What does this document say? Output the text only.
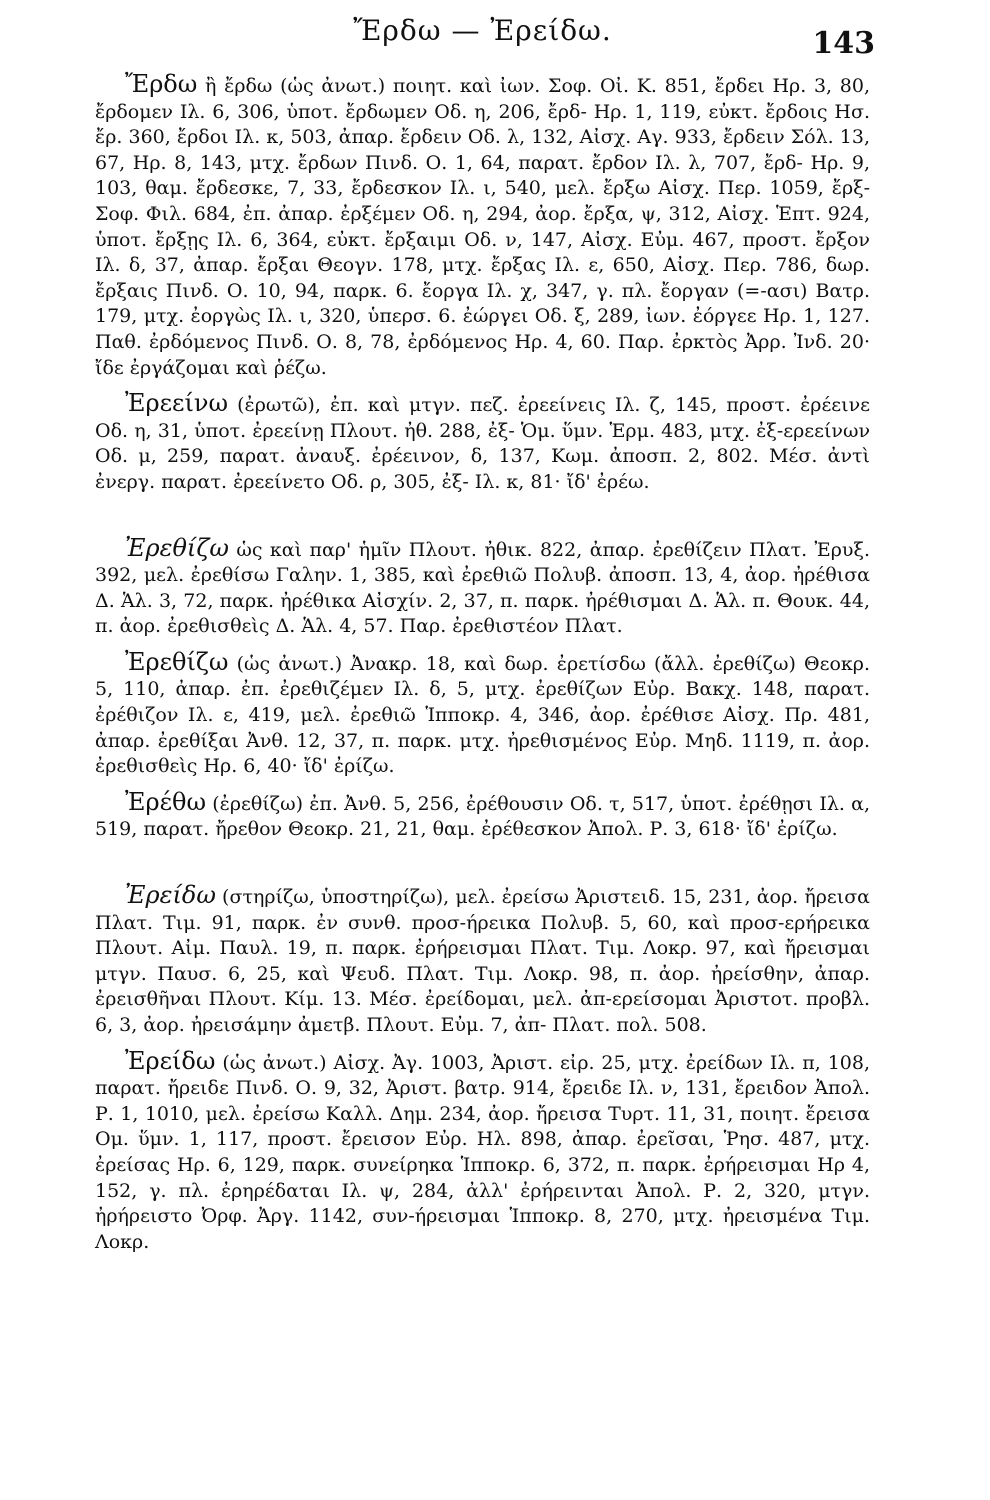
Ἔρδω — Ἐρείδω.	143

Ἔρδω ἢ ἔρδω (ὡς ἀνωτ.) ποιητ. καὶ ἰων. Σοφ. Οἰ. Κ. 851, ἔρδει Ηρ. 3, 80, ἔρδομεν Ιλ. 6, 306, ὑποτ. ἔρδωμεν Οδ. η, 206, ἔρδ- Ηρ. 1, 119, εὐκτ. ἔρδοις Ησ. ἔρ. 360, ἔρδοι Ιλ. κ, 503, ἀπαρ. ἔρδειν Οδ. λ, 132, Αἰσχ. Αγ. 933, ἔρδειν Σόλ. 13, 67, Ηρ. 8, 143, μτχ. ἔρδων Πινδ. Ο. 1, 64, παρατ. ἔρδον Ιλ. λ, 707, ἔρδ- Ηρ. 9, 103, θαμ. ἔρδεσκε, 7, 33, ἔρδεσκον Ιλ. ι, 540, μελ. ἔρξω Αἰσχ. Περ. 1059, ἔρξ- Σοφ. Φιλ. 684, ἐπ. ἀπαρ. ἐρξέμεν Οδ. η, 294, ἀορ. ἔρξα, ψ, 312, Αἰσχ. Ἑπτ. 924, ὑποτ. ἔρξῃς Ιλ. 6, 364, εὐκτ. ἔρξαιμι Οδ. ν, 147, Αἰσχ. Εὐμ. 467, προστ. ἔρξον Ιλ. δ, 37, ἀπαρ. ἔρξαι Θεογν. 178, μτχ. ἔρξας Ιλ. ε, 650, Αἰσχ. Περ. 786, δωρ. ἔρξαις Πινδ. Ο. 10, 94, παρκ. 6. ἔοργα Ιλ. χ, 347, γ. πλ. ἔοργαν (=-ασι) Βατρ. 179, μτχ. ἐοργὼς Ιλ. ι, 320, ὑπερσ. 6. ἐώργει Οδ. ξ, 289, ἰων. ἐόργεε Ηρ. 1, 127. Παθ. ἐρδόμενος Πινδ. Ο. 8, 78, ἐρδόμενος Ηρ. 4, 60. Παρ. ἐρκτὸς Ἀρρ. Ἰνδ. 20· ἴδε ἐργάζομαι καὶ ῥέζω.

Ἐρεείνω (ἐρωτῶ), ἐπ. καὶ μτγν. πεζ. ἐρεείνεις Ιλ. ζ, 145, προστ. ἐρέεινε Οδ. η, 31, ὑποτ. ἐρεείνῃ Πλουτ. ἠθ. 288, ἐξ- Ὁμ. ὕμν. Ἑρμ. 483, μτχ. ἐξ-ερεείνων Οδ. μ, 259, παρατ. ἀναυξ. ἐρέεινον, δ, 137, Κωμ. ἀποσπ. 2, 802. Μέσ. ἀντὶ ἐνεργ. παρατ. ἐρεείνετο Οδ. ρ, 305, ἐξ- Ιλ. κ, 81· ἴδ' ἐρέω.

Ἐρεθίζω ὡς καὶ παρ' ἡμῖν Πλουτ. ἠθικ. 822, ἀπαρ. ἐρεθίζειν Πλατ. Ἐρυξ. 392, μελ. ἐρεθίσω Γαλην. 1, 385, καὶ ἐρεθιῶ Πολυβ. ἀποσπ. 13, 4, ἀορ. ἠρέθισα Δ. Ἁλ. 3, 72, παρκ. ἠρέθικα Αἰσχίν. 2, 37, π. παρκ. ἠρέθισμαι Δ. Ἁλ. π. Θουκ. 44, π. ἀορ. ἐρεθισθεὶς Δ. Ἁλ. 4, 57. Παρ. ἐρεθιστέον Πλατ.

Ἐρεθίζω (ὡς ἀνωτ.) Ἀνακρ. 18, καὶ δωρ. ἐρετίσδω (ἄλλ. ἐρεθίζω) Θεοκρ. 5, 110, ἀπαρ. ἐπ. ἐρεθιζέμεν Ιλ. δ, 5, μτχ. ἐρεθίζων Εὐρ. Βακχ. 148, παρατ. ἐρέθιζον Ιλ. ε, 419, μελ. ἐρεθιῶ Ἱπποκρ. 4, 346, ἀορ. ἐρέθισε Αἰσχ. Πρ. 481, ἀπαρ. ἐρεθίξαι Ἀνθ. 12, 37, π. παρκ. μτχ. ἠρεθισμένος Εὐρ. Μηδ. 1119, π. ἀορ. ἐρεθισθεὶς Ηρ. 6, 40· ἴδ' ἐρίζω.

Ἐρέθω (ἐρεθίζω) ἐπ. Ἀνθ. 5, 256, ἐρέθουσιν Οδ. τ, 517, ὑποτ. ἐρέθῃσι Ιλ. α, 519, παρατ. ἤρεθον Θεοκρ. 21, 21, θαμ. ἐρέθεσκον Ἀπολ. Ρ. 3, 618· ἴδ' ἐρίζω.

Ἐρείδω (στηρίζω, ὑποστηρίζω), μελ. ἐρείσω Ἀριστειδ. 15, 231, ἀορ. ἤρεισα Πλατ. Τιμ. 91, παρκ. ἐν συνθ. προσ-ήρεικα Πολυβ. 5, 60, καὶ προσ-ερήρεικα Πλουτ. Αἰμ. Παυλ. 19, π. παρκ. ἐρήρεισμαι Πλατ. Τιμ. Λοκρ. 97, καὶ ἤρεισμαι μτγν. Παυσ. 6, 25, καὶ Ψευδ. Πλατ. Τιμ. Λοκρ. 98, π. ἀορ. ἠρείσθην, ἀπαρ. ἐρεισθῆναι Πλουτ. Κίμ. 13. Μέσ. ἐρείδομαι, μελ. ἀπ-ερείσομαι Ἀριστοτ. προβλ. 6, 3, ἀορ. ἠρεισάμην ἀμετβ. Πλουτ. Εὐμ. 7, ἀπ- Πλατ. πολ. 508.

Ἐρείδω (ὡς ἀνωτ.) Αἰσχ. Ἀγ. 1003, Ἀριστ. εἰρ. 25, μτχ. ἐρείδων Ιλ. π, 108, παρατ. ἤρειδε Πινδ. Ο. 9, 32, Ἀριστ. βατρ. 914, ἔρειδε Ιλ. ν, 131, ἔρειδον Ἀπολ. Ρ. 1, 1010, μελ. ἐρείσω Καλλ. Δημ. 234, ἀορ. ἤρεισα Τυρτ. 11, 31, ποιητ. ἔρεισα Ομ. ὕμν. 1, 117, προστ. ἔρεισον Εὐρ. Ηλ. 898, ἀπαρ. ἐρεῖσαι, Ῥησ. 487, μτχ. ἐρείσας Ηρ. 6, 129, παρκ. συνείρηκα Ἱπποκρ. 6, 372, π. παρκ. ἐρήρεισμαι Ηρ 4, 152, γ. πλ. ἐρηρέδαται Ιλ. ψ, 284, ἀλλ' ἐρήρεινται Ἀπολ. Ρ. 2, 320, μτγν. ἠρήρειστο Ὀρφ. Ἀργ. 1142, συν-ήρεισμαι Ἱπποκρ. 8, 270, μτχ. ἠρεισμένα Τιμ. Λοκρ.
